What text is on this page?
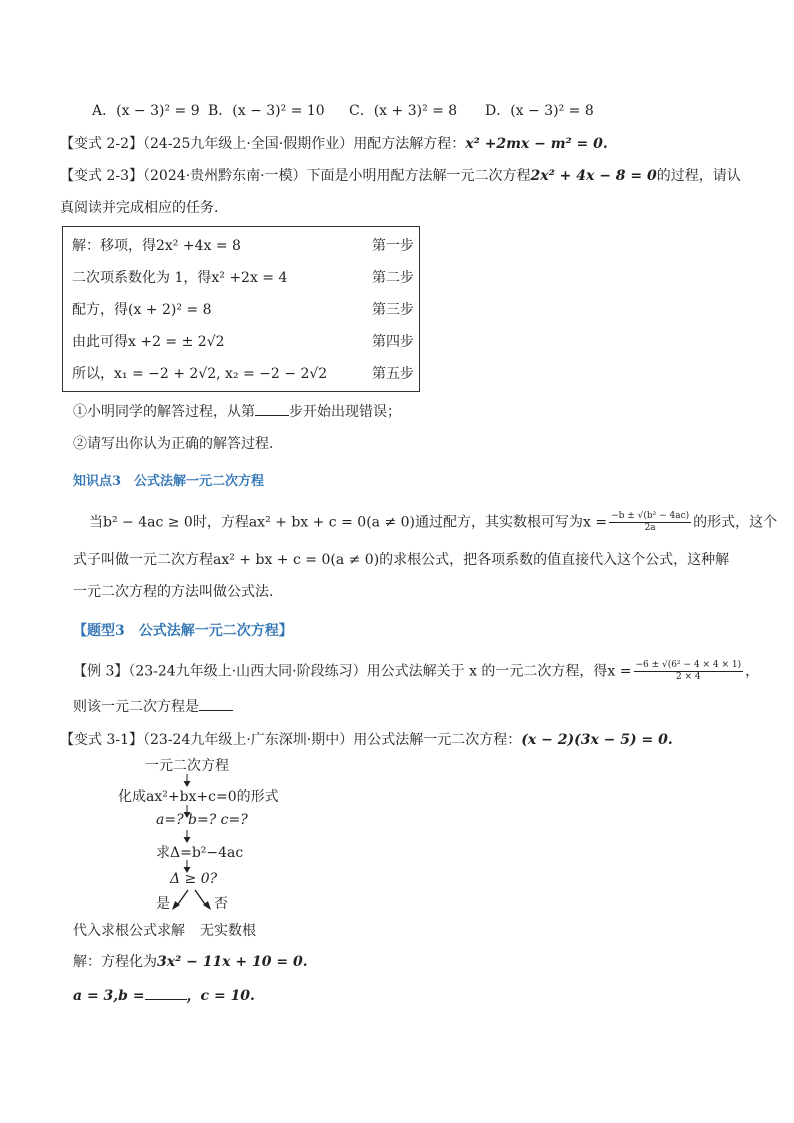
A．(x − 3)² = 9 B．(x − 3)² = 10 C．(x + 3)² = 8 D．(x − 3)² = 8
【变式 2-2】（24-25九年级上·全国·假期作业）用配方法解方程：x² +2mx − m² = 0.
【变式 2-3】（2024·贵州黔东南·一模）下面是小明用配方法解一元二次方程2x² + 4x − 8 = 0的过程，请认
真阅读并完成相应的任务.
解：移项，得2x² +4x = 8	第一步
二次项系数化为 1，得x² +2x = 4	第二步
配方，得(x + 2)² = 8	第三步
由此可得x +2 = ± 2√2	第四步
所以，x₁ = −2 + 2√2, x₂ = −2 − 2√2	第五步
①小明同学的解答过程，从第 步开始出现错误；
②请写出你认为正确的解答过程.
知识点3　公式法解一元二次方程
当b² − 4ac ≥ 0时，方程ax² + bx + c = 0(a ≠ 0)通过配方，其实数根可写为$x = \frac{\text{−b ± √(b² − 4ac)}}{2a}$ 的形式，这个
式子叫做一元二次方程ax² + bx + c = 0(a ≠ 0)的求根公式，把各项系数的值直接代入这个公式，这种解
一元二次方程的方法叫做公式法.
【题型3　公式法解一元二次方程】
【例 3】（23-24九年级上·山西大同·阶段练习）用公式法解关于 x 的一元二次方程，得$x = \frac{\text{−6 ± √(6² − 4 × 4 × 1)}}{2 \times 4}$ ，
则该一元二次方程是
【变式 3-1】（23-24九年级上·广东深圳·期中）用公式法解一元二次方程：(x − 2)(3x − 5) = 0.
一元二次方程
化成ax²+bx+c=0的形式
a=? b=? c=?
求Δ=b²−4ac
Δ ≥ 0?
是	否
代入求根公式求解 无实数根
解：方程化为3x² − 11x + 10 = 0.
a = 3,b =	，c = 10.
